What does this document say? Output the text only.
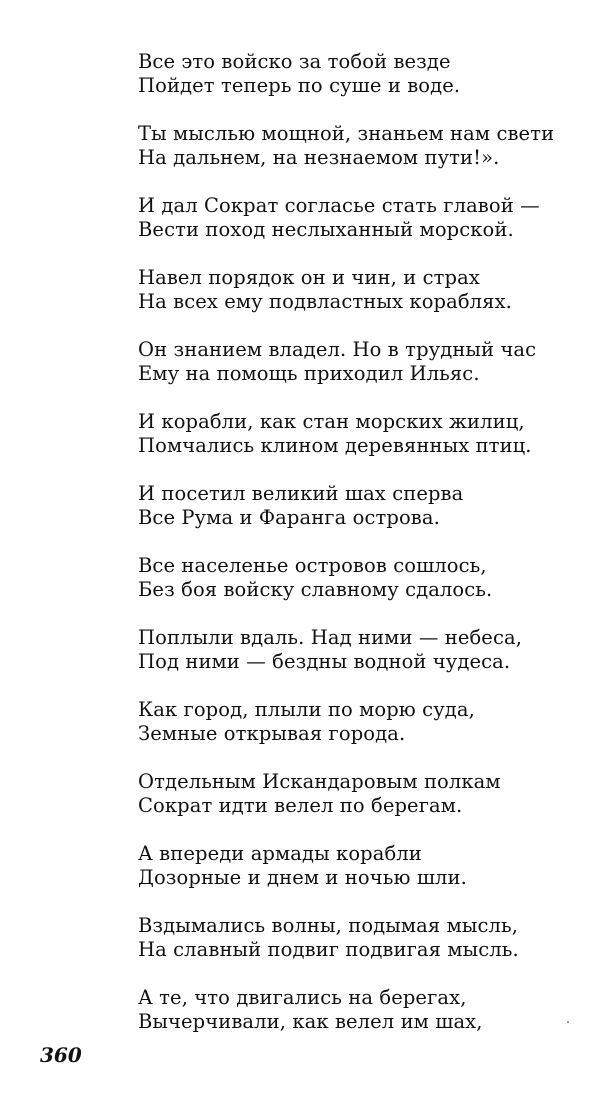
Все это войско за тобой везде
Пойдет теперь по суше и воде.
Ты мыслью мощной, знаньем нам свети
На дальнем, на незнаемом пути!».
И дал Сократ согласье стать главой —
Вести поход неслыханный морской.
Навел порядок он и чин, и страх
На всех ему подвластных кораблях.
Он знанием владел. Но в трудный час
Ему на помощь приходил Ильяс.
И корабли, как стан морских жилиц,
Помчались клином деревянных птиц.
И посетил великий шах сперва
Все Рума и Фаранга острова.
Все населенье островов сошлось,
Без боя войску славному сдалось.
Поплыли вдаль. Над ними — небеса,
Под ними — бездны водной чудеса.
Как город, плыли по морю суда,
Земные открывая города.
Отдельным Искандаровым полкам
Сократ идти велел по берегам.
А впереди армады корабли
Дозорные и днем и ночью шли.
Вздымались волны, подымая мысль,
На славный подвиг подвигая мысль.
А те, что двигались на берегах,
Вычерчивали, как велел им шах,
360
